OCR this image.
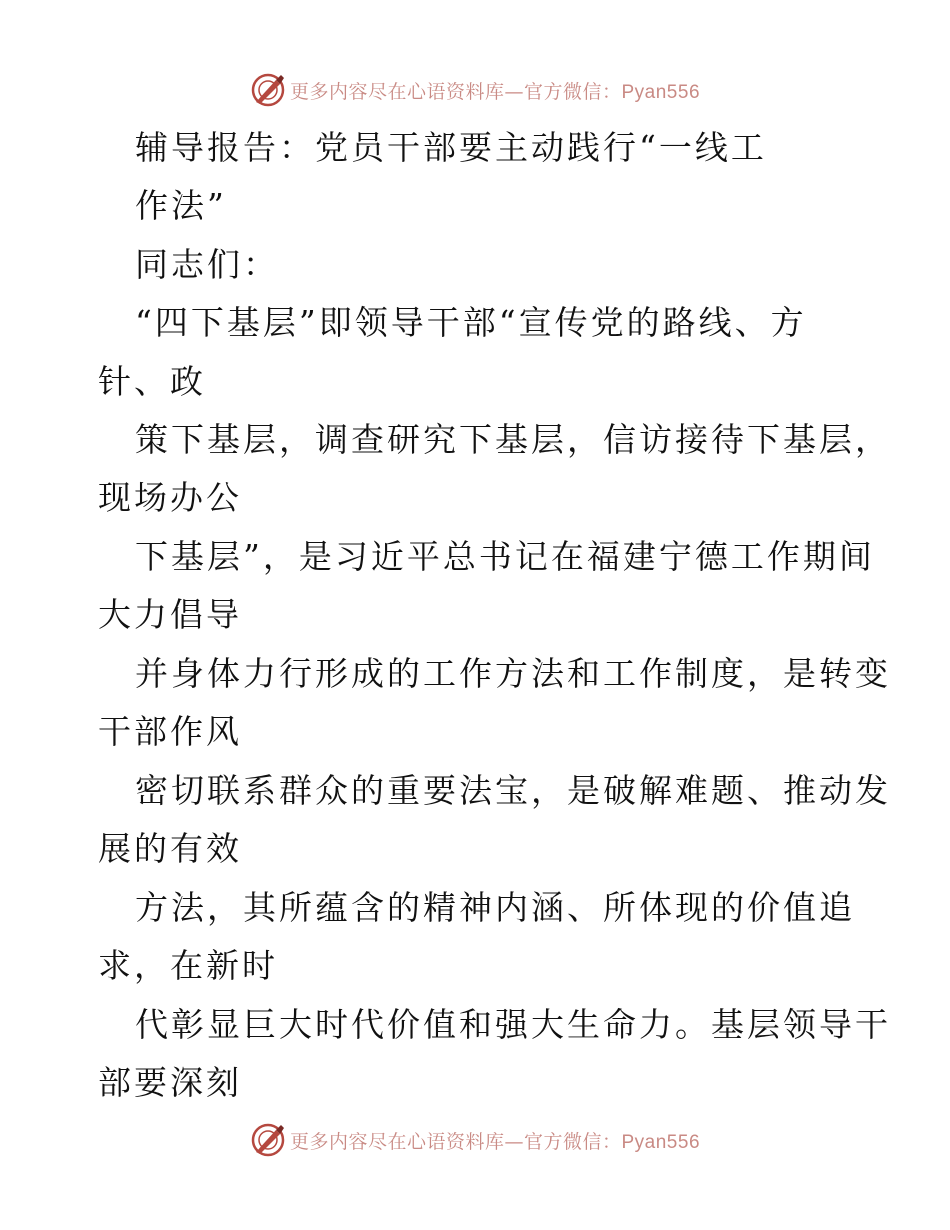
更多内容尽在心语资料库—官方微信：Pyan556
辅导报告：党员干部要主动践行“一线工
作法”
同志们：
“四下基层”即领导干部“宣传党的路线、方
针、政
策下基层，调查研究下基层，信访接待下基层，
现场办公
下基层”，是习近平总书记在福建宁德工作期间
大力倡导
并身体力行形成的工作方法和工作制度，是转变
干部作风
密切联系群众的重要法宝，是破解难题、推动发
展的有效
方法，其所蕴含的精神内涵、所体现的价值追
求，在新时
代彰显巨大时代价值和强大生命力。基层领导干
部要深刻
更多内容尽在心语资料库—官方微信：Pyan556
